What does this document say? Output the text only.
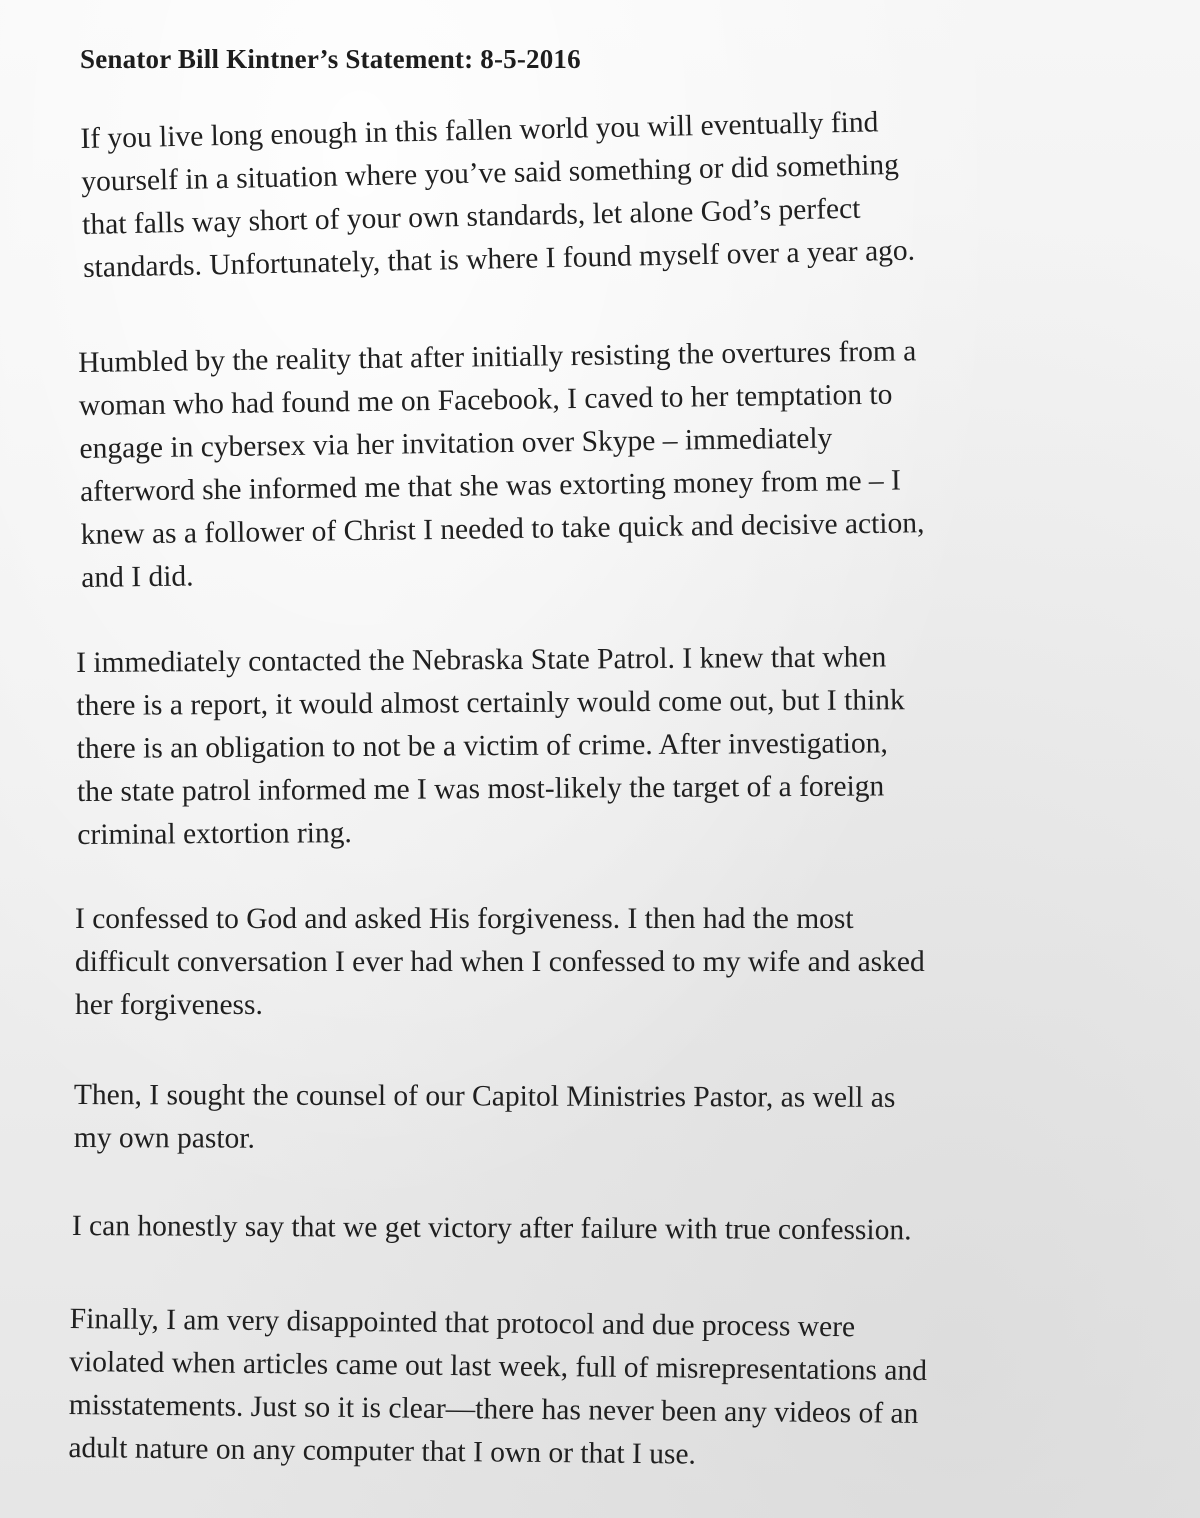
Senator Bill Kintner’s Statement: 8-5-2016
If you live long enough in this fallen world you will eventually find
yourself in a situation where you’ve said something or did something
that falls way short of your own standards, let alone God’s perfect
standards. Unfortunately, that is where I found myself over a year ago.
Humbled by the reality that after initially resisting the overtures from a
woman who had found me on Facebook, I caved to her temptation to
engage in cybersex via her invitation over Skype – immediately
afterword she informed me that she was extorting money from me – I
knew as a follower of Christ I needed to take quick and decisive action,
and I did.
I immediately contacted the Nebraska State Patrol. I knew that when
there is a report, it would almost certainly would come out, but I think
there is an obligation to not be a victim of crime. After investigation,
the state patrol informed me I was most-likely the target of a foreign
criminal extortion ring.
I confessed to God and asked His forgiveness. I then had the most
difficult conversation I ever had when I confessed to my wife and asked
her forgiveness.
Then, I sought the counsel of our Capitol Ministries Pastor, as well as
my own pastor.
I can honestly say that we get victory after failure with true confession.
Finally, I am very disappointed that protocol and due process were
violated when articles came out last week, full of misrepresentations and
misstatements. Just so it is clear—there has never been any videos of an
adult nature on any computer that I own or that I use.
